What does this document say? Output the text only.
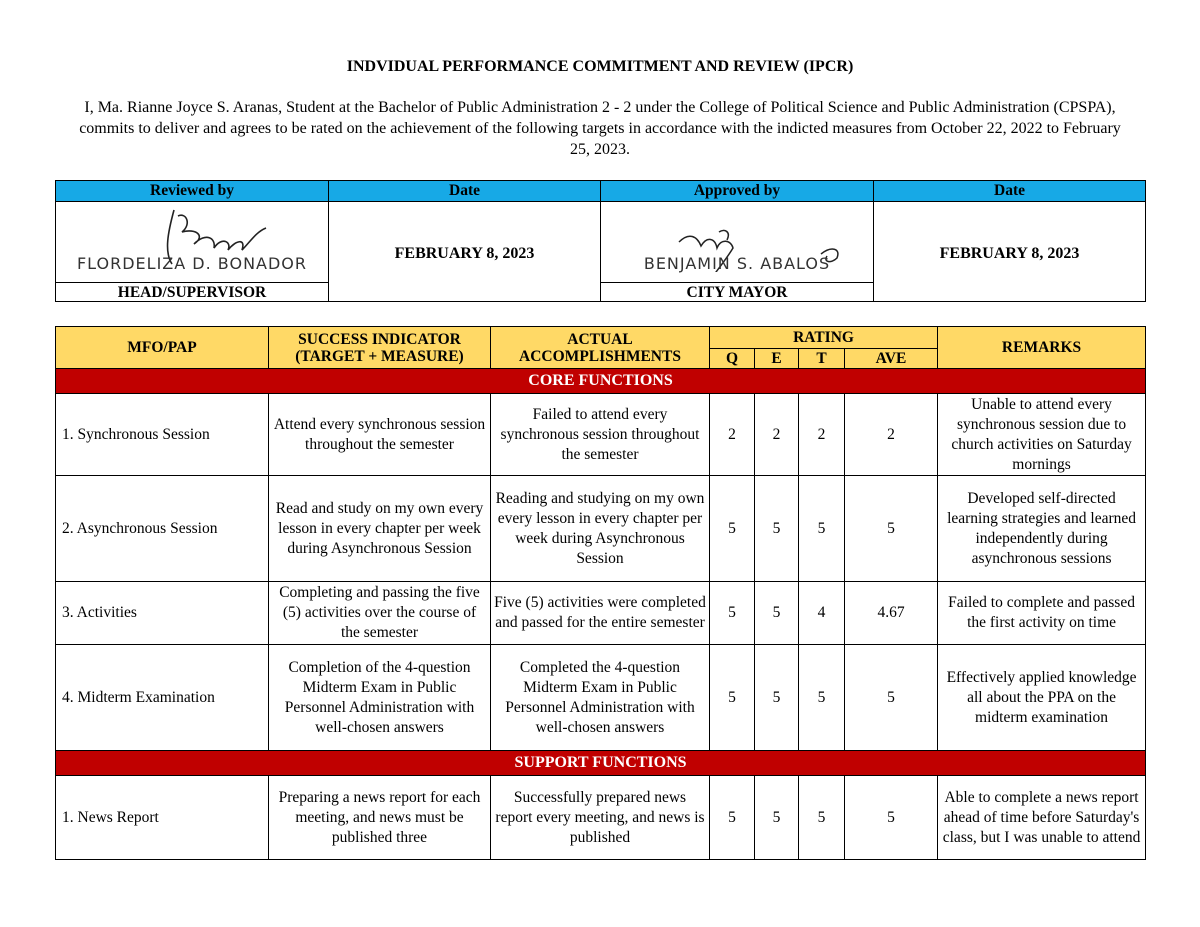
INDVIDUAL PERFORMANCE COMMITMENT AND REVIEW (IPCR)
I, Ma. Rianne Joyce S. Aranas, Student at the Bachelor of Public Administration 2 - 2 under the College of Political Science and Public Administration (CPSPA), commits to deliver and agrees to be rated on the achievement of the following targets in accordance with the indicted measures from October 22, 2022 to February 25, 2023.
Reviewed by	Date	Approved by	Date

FLORDELIZA D. BONADOR	FEBRUARY 8, 2023	BENJAMIN S. ABALOS	FEBRUARY 8, 2023
HEAD/SUPERVISOR		CITY MAYOR	
MFO/PAP	SUCCESS INDICATOR (TARGET + MEASURE)	ACTUAL ACCOMPLISHMENTS	RATING				REMARKS
			Q	E	T	AVE	
CORE FUNCTIONS							
1. Synchronous Session	Attend every synchronous session throughout the semester	Failed to attend every synchronous session throughout the semester	2	2	2	2	Unable to attend every synchronous session due to church activities on Saturday mornings
2. Asynchronous Session	Read and study on my own every lesson in every chapter per week during Asynchronous Session	Reading and studying on my own every lesson in every chapter per week during Asynchronous Session	5	5	5	5	Developed self-directed learning strategies and learned independently during asynchronous sessions
3. Activities	Completing and passing the five (5) activities over the course of the semester	Five (5) activities were completed and passed for the entire semester	5	5	4	4.67	Failed to complete and passed the first activity on time
4. Midterm Examination	Completion of the 4-question Midterm Exam in Public Personnel Administration with well-chosen answers	Completed the 4-question Midterm Exam in Public Personnel Administration with well-chosen answers	5	5	5	5	Effectively applied knowledge all about the PPA on the midterm examination
SUPPORT FUNCTIONS							
1. News Report	Preparing a news report for each meeting, and news must be published three	Successfully prepared news report every meeting, and news is published	5	5	5	5	Able to complete a news report ahead of time before Saturday's class, but I was unable to attend
